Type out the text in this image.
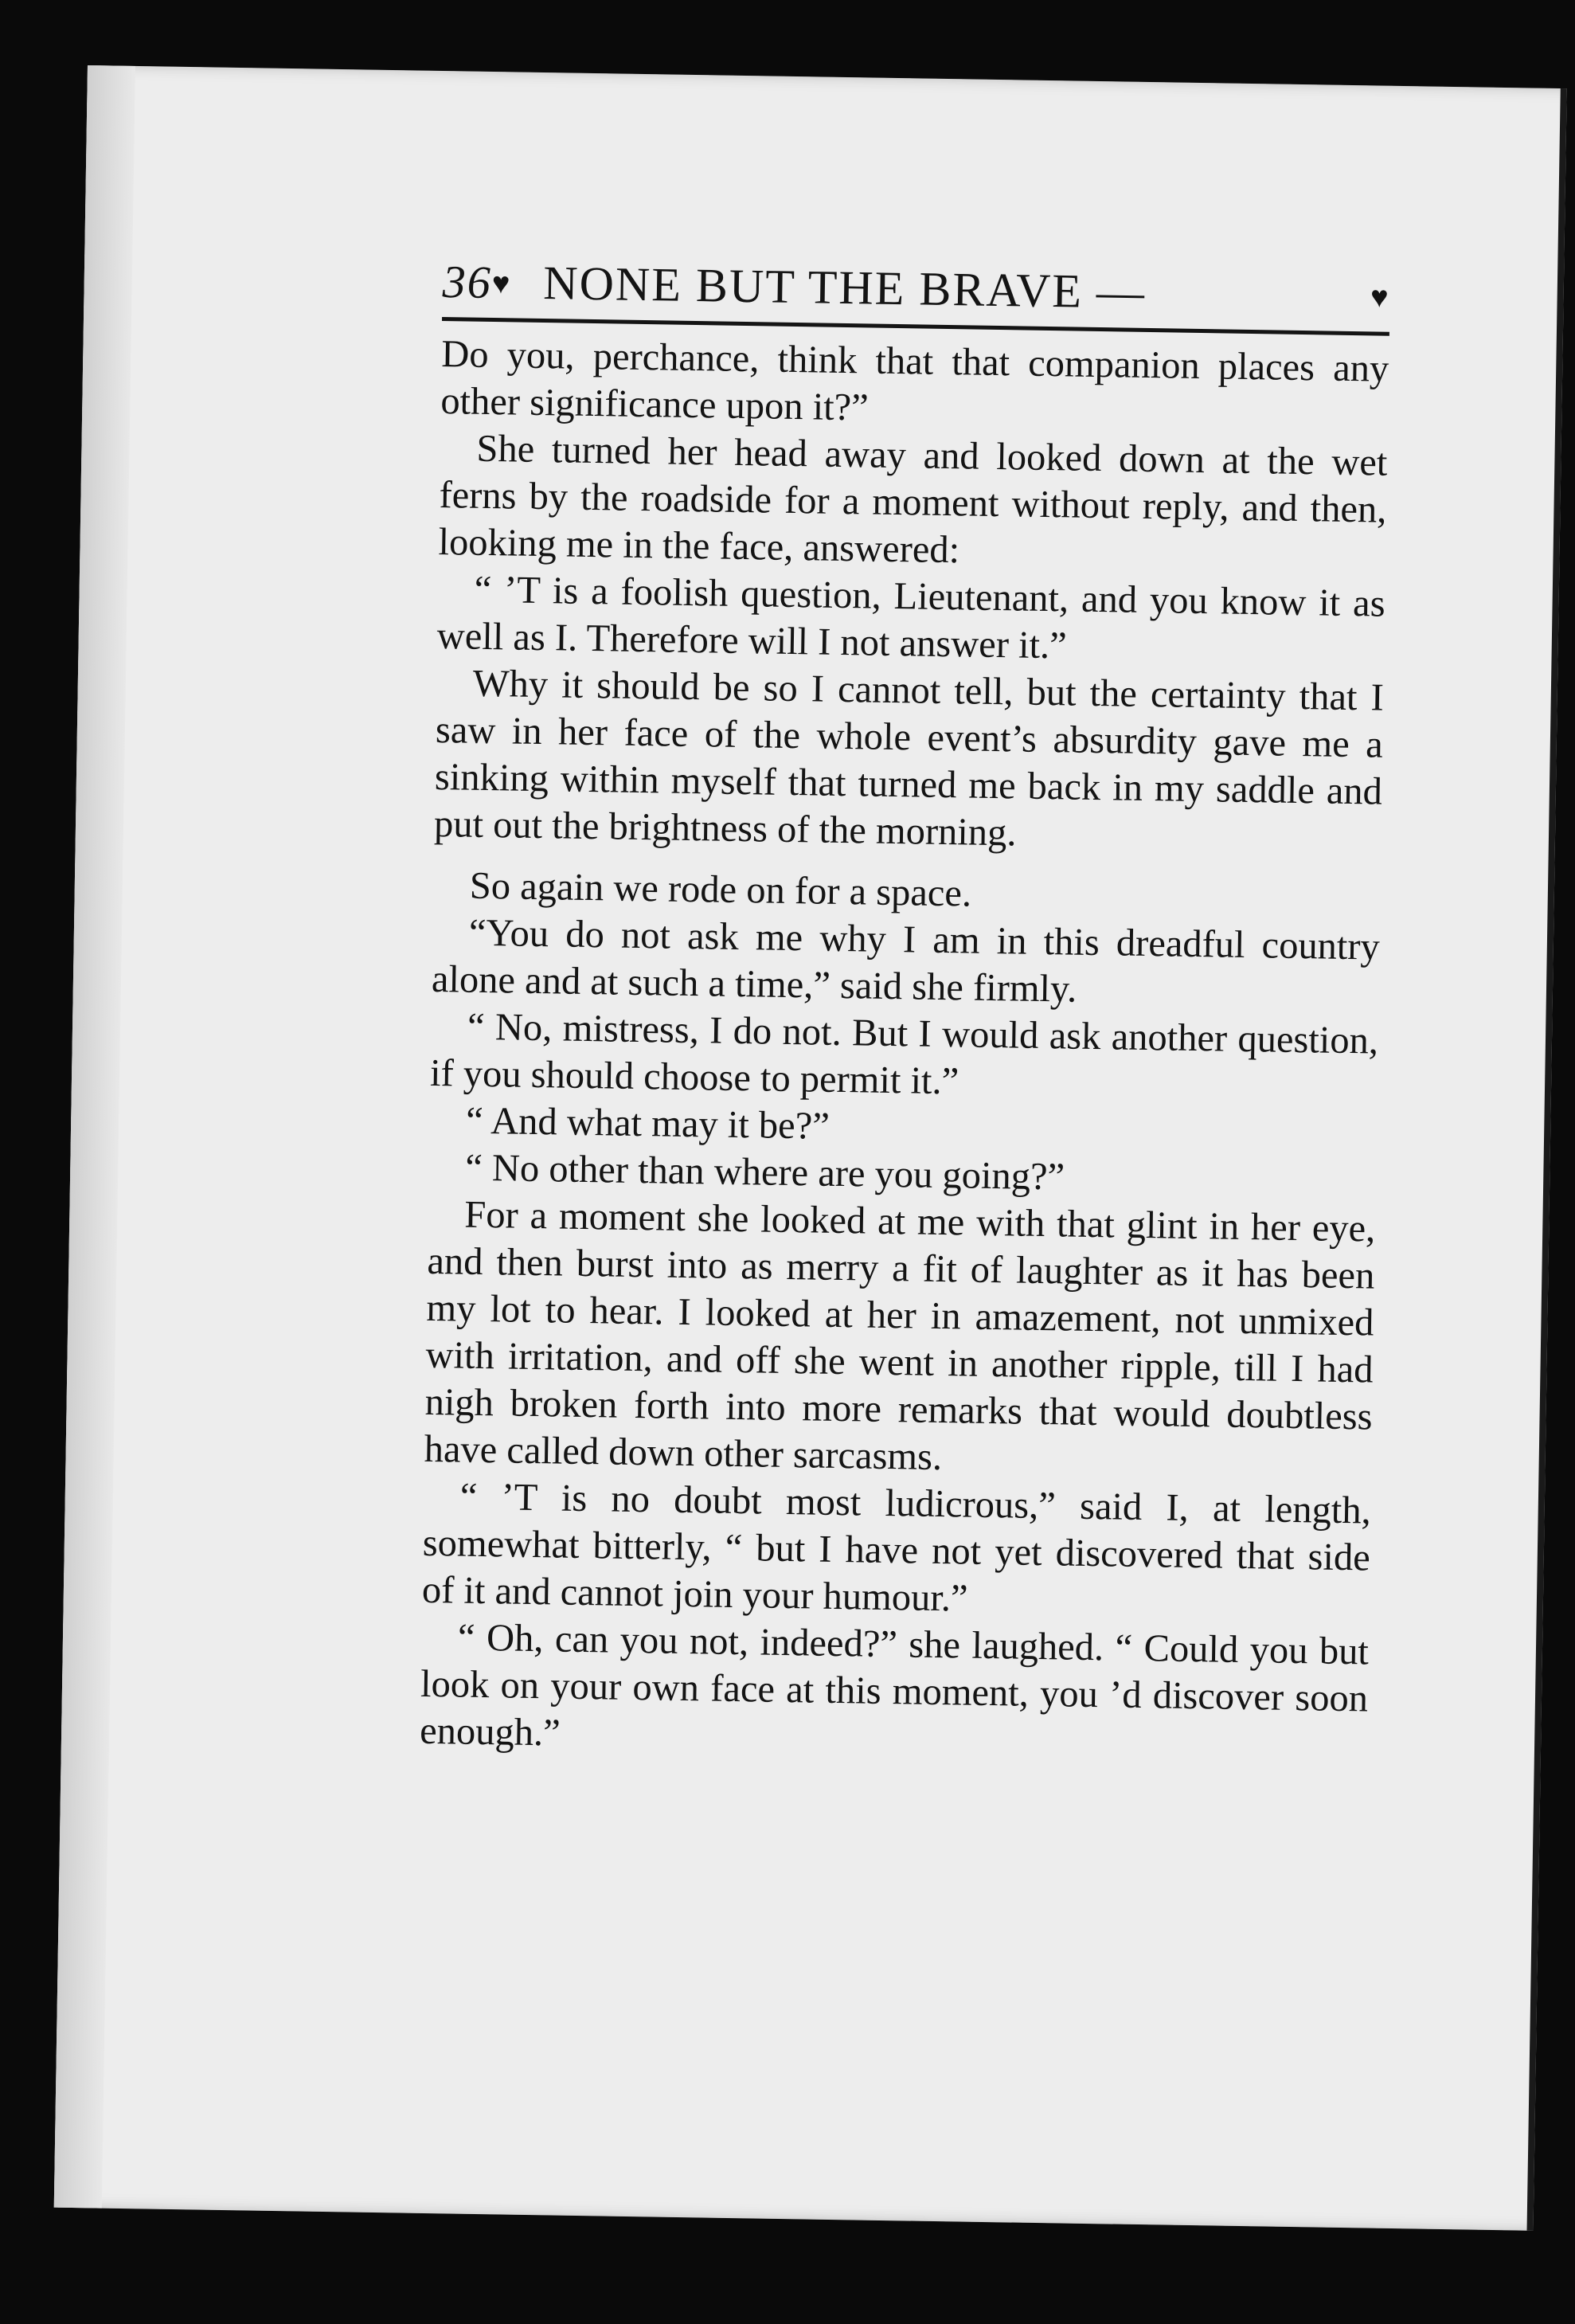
36 ♥ NONE BUT THE BRAVE —	♥

Do you, perchance, think that that companion places any other significance upon it?”

She turned her head away and looked down at the wet ferns by the roadside for a moment without reply, and then, looking me in the face, answered:

“ ’T is a foolish question, Lieutenant, and you know it as well as I. Therefore will I not answer it.”

Why it should be so I cannot tell, but the certainty that I saw in her face of the whole event’s absurdity gave me a sinking within myself that turned me back in my saddle and put out the brightness of the morning.

So again we rode on for a space.

“You do not ask me why I am in this dreadful country alone and at such a time,” said she firmly.

“ No, mistress, I do not. But I would ask another question, if you should choose to permit it.”

“ And what may it be?”

“ No other than where are you going?”

For a moment she looked at me with that glint in her eye, and then burst into as merry a fit of laughter as it has been my lot to hear. I looked at her in amazement, not unmixed with irritation, and off she went in another ripple, till I had nigh broken forth into more remarks that would doubtless have called down other sarcasms.

“ ’T is no doubt most ludicrous,” said I, at length, somewhat bitterly, “ but I have not yet discovered that side of it and cannot join your humour.”

“ Oh, can you not, indeed?” she laughed. “ Could you but look on your own face at this moment, you ’d discover soon enough.”
